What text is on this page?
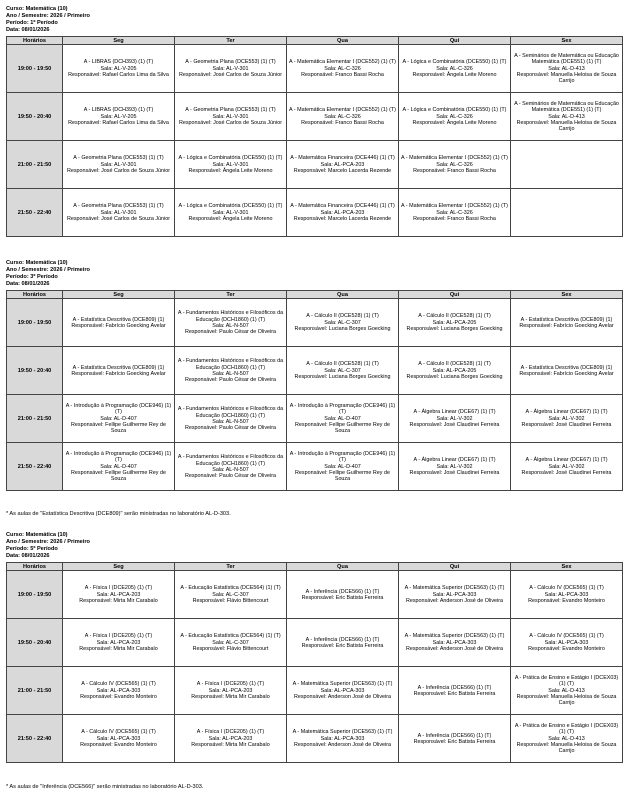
Curso: Matemática (10)
Ano / Semestre: 2026 / Primeiro
Período: 1º Período
Data: 08/01/2026
Horários	Seg	Ter	Qua	Qui	Sex
19:00 - 19:50	A - LIBRAS (DCH393) (1) (T)
Sala: AL-V-205
Responsável: Rafael Carlos Lima da Silva	A - Geometria Plana (DCE553) (1) (T)
Sala: AL-V-301
Responsável: José Carlos de Souza Júnior	A - Matemática Elementar I (DCE552) (1) (T)
Sala: AL-C-326
Responsável: Franco Bassi Rocha	A - Lógica e Combinatória (DCE550) (1) (T)
Sala: AL-C-326
Responsável: Ângela Leite Moreno	A - Seminários de Matemática ou Educação Matemática (DCE551) (1) (T)
Sala: AL-D-413
Responsável: Manuella Heloisa de Souza Carrijo

19:50 - 20:40	A - LIBRAS (DCH393) (1) (T)
Sala: AL-V-205
Responsável: Rafael Carlos Lima da Silva	A - Geometria Plana (DCE553) (1) (T)
Sala: AL-V-301
Responsável: José Carlos de Souza Júnior	A - Matemática Elementar I (DCE552) (1) (T)
Sala: AL-C-326
Responsável: Franco Bassi Rocha	A - Lógica e Combinatória (DCE550) (1) (T)
Sala: AL-C-326
Responsável: Ângela Leite Moreno	A - Seminários de Matemática ou Educação Matemática (DCE551) (1) (T)
Sala: AL-D-413
Responsável: Manuella Heloisa de Souza Carrijo

21:00 - 21:50	A - Geometria Plana (DCE553) (1) (T)
Sala: AL-V-301
Responsável: José Carlos de Souza Júnior	A - Lógica e Combinatória (DCE550) (1) (T)
Sala: AL-V-301
Responsável: Ângela Leite Moreno	A - Matemática Financeira (DCE446) (1) (T)
Sala: AL-PCA-203
Responsável: Marcelo Lacerda Rezende	A - Matemática Elementar I (DCE552) (1) (T)
Sala: AL-C-326
Responsável: Franco Bassi Rocha	

21:50 - 22:40	A - Geometria Plana (DCE553) (1) (T)
Sala: AL-V-301
Responsável: José Carlos de Souza Júnior	A - Lógica e Combinatória (DCE550) (1) (T)
Sala: AL-V-301
Responsável: Ângela Leite Moreno	A - Matemática Financeira (DCE446) (1) (T)
Sala: AL-PCA-203
Responsável: Marcelo Lacerda Rezende	A - Matemática Elementar I (DCE552) (1) (T)
Sala: AL-C-326
Responsável: Franco Bassi Rocha	

Curso: Matemática (10)
Ano / Semestre: 2026 / Primeiro
Período: 3º Período
Data: 08/01/2026
Horários	Seg	Ter	Qua	Qui	Sex
19:00 - 19:50	A - Estatística Descritiva (DCE809) (1)
Responsável: Fabrício Goecking Avelar	A - Fundamentos Históricos e Filosóficos da Educação (DCH1860) (1) (T)
Sala: AL-N-507
Responsável: Paulo César de Oliveira	A - Cálculo II (DCE528) (1) (T)
Sala: AL-C-307
Responsável: Luciana Borges Goecking	A - Cálculo II (DCE528) (1) (T)
Sala: AL-PCA-205
Responsável: Luciana Borges Goecking	A - Estatística Descritiva (DCE809) (1)
Responsável: Fabrício Goecking Avelar

19:50 - 20:40	A - Estatística Descritiva (DCE809) (1)
Responsável: Fabrício Goecking Avelar	A - Fundamentos Históricos e Filosóficos da Educação (DCH1860) (1) (T)
Sala: AL-N-507
Responsável: Paulo César de Oliveira	A - Cálculo II (DCE528) (1) (T)
Sala: AL-C-307
Responsável: Luciana Borges Goecking	A - Cálculo II (DCE528) (1) (T)
Sala: AL-PCA-205
Responsável: Luciana Borges Goecking	A - Estatística Descritiva (DCE809) (1)
Responsável: Fabrício Goecking Avelar

21:00 - 21:50	A - Introdução à Programação (DCE946) (1) (T)
Sala: AL-D-407
Responsável: Fellipe Guilherme Rey de Souza	A - Fundamentos Históricos e Filosóficos da Educação (DCH1860) (1) (T)
Sala: AL-N-507
Responsável: Paulo César de Oliveira	A - Introdução à Programação (DCE946) (1) (T)
Sala: AL-D-407
Responsável: Fellipe Guilherme Rey de Souza	A - Álgebra Linear (DCE67) (1) (T)
Sala: AL-V-302
Responsável: José Claudinei Ferreira	A - Álgebra Linear (DCE67) (1) (T)
Sala: AL-V-302
Responsável: José Claudinei Ferreira

21:50 - 22:40	A - Introdução à Programação (DCE946) (1) (T)
Sala: AL-D-407
Responsável: Fellipe Guilherme Rey de Souza	A - Fundamentos Históricos e Filosóficos da Educação (DCH1860) (1) (T)
Sala: AL-N-507
Responsável: Paulo César de Oliveira	A - Introdução à Programação (DCE946) (1) (T)
Sala: AL-D-407
Responsável: Fellipe Guilherme Rey de Souza	A - Álgebra Linear (DCE67) (1) (T)
Sala: AL-V-302
Responsável: José Claudinei Ferreira	A - Álgebra Linear (DCE67) (1) (T)
Sala: AL-V-302
Responsável: José Claudinei Ferreira
* As aulas de "Estatística Descritiva (DCE809)" serão ministradas no laboratório AL-D-303.
Curso: Matemática (10)
Ano / Semestre: 2026 / Primeiro
Período: 5º Período
Data: 08/01/2026
Horários	Seg	Ter	Qua	Qui	Sex
19:00 - 19:50	A - Física I (DCE205) (1) (T)
Sala: AL-PCA-203
Responsável: Mirta Mir Carabalo	A - Educação Estatística (DCE564) (1) (T)
Sala: AL-C-307
Responsável: Flávio Bittencourt	A - Inferência (DCE566) (1) (T)
Responsável: Eric Batista Ferreira	A - Matemática Superior (DCE563) (1) (T)
Sala: AL-PCA-303
Responsável: Anderson José de Oliveira	A - Cálculo IV (DCE565) (1) (T)
Sala: AL-PCA-303
Responsável: Evandro Monteiro

19:50 - 20:40	A - Física I (DCE205) (1) (T)
Sala: AL-PCA-203
Responsável: Mirta Mir Carabalo	A - Educação Estatística (DCE564) (1) (T)
Sala: AL-C-307
Responsável: Flávio Bittencourt	A - Inferência (DCE566) (1) (T)
Responsável: Eric Batista Ferreira	A - Matemática Superior (DCE563) (1) (T)
Sala: AL-PCA-303
Responsável: Anderson José de Oliveira	A - Cálculo IV (DCE565) (1) (T)
Sala: AL-PCA-303
Responsável: Evandro Monteiro

21:00 - 21:50	A - Cálculo IV (DCE565) (1) (T)
Sala: AL-PCA-303
Responsável: Evandro Monteiro	A - Física I (DCE205) (1) (T)
Sala: AL-PCA-203
Responsável: Mirta Mir Carabalo	A - Matemática Superior (DCE563) (1) (T)
Sala: AL-PCA-303
Responsável: Anderson José de Oliveira	A - Inferência (DCE566) (1) (T)
Responsável: Eric Batista Ferreira	A - Prática de Ensino e Estágio I (DCEX03) (1) (T)
Sala: AL-D-413
Responsável: Manuella Heloisa de Souza Carrijo

21:50 - 22:40	A - Cálculo IV (DCE565) (1) (T)
Sala: AL-PCA-303
Responsável: Evandro Monteiro	A - Física I (DCE205) (1) (T)
Sala: AL-PCA-203
Responsável: Mirta Mir Carabalo	A - Matemática Superior (DCE563) (1) (T)
Sala: AL-PCA-303
Responsável: Anderson José de Oliveira	A - Inferência (DCE566) (1) (T)
Responsável: Eric Batista Ferreira	A - Prática de Ensino e Estágio I (DCEX03) (1) (T)
Sala: AL-D-413
Responsável: Manuella Heloisa de Souza Carrijo
* As aulas de "Inferência (DCE566)" serão ministradas no laboratório AL-D-303.
